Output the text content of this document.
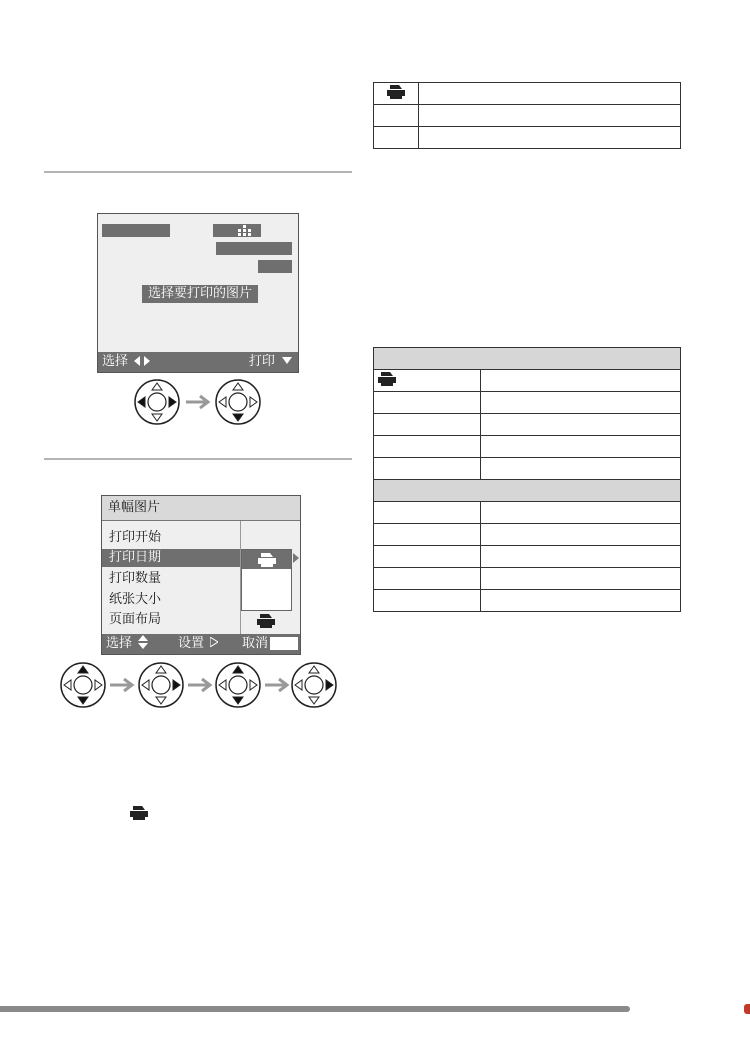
选择要打印的图片
选择	打印
单幅图片
打印开始
打印日期
打印数量
纸张大小
页面布局
选择	设置	取消
